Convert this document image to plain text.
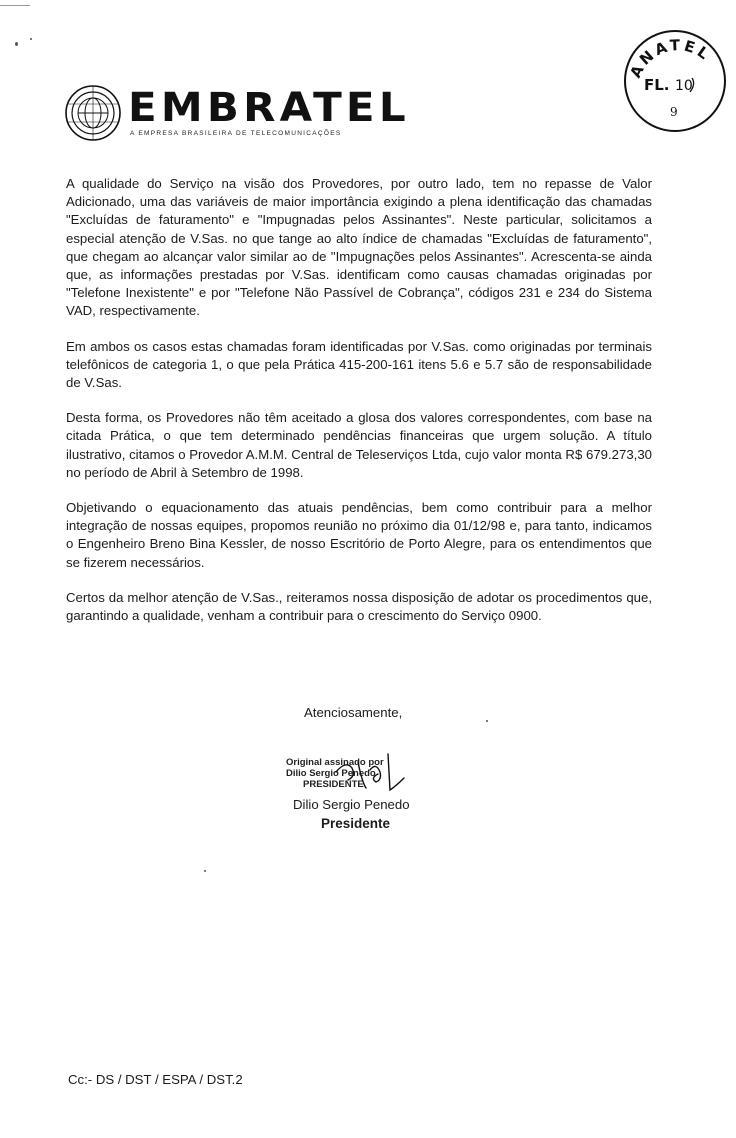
EMBRATEL
A EMPRESA BRASILEIRA DE TELECOMUNICAÇÕES
ANATEL
FL. 10
9

A qualidade do Serviço na visão dos Provedores, por outro lado, tem no repasse de Valor Adicionado, uma das variáveis de maior importância exigindo a plena identificação das chamadas "Excluídas de faturamento" e "Impugnadas pelos Assinantes". Neste particular, solicitamos a especial atenção de V.Sas. no que tange ao alto índice de chamadas "Excluídas de faturamento", que chegam ao alcançar valor similar ao de "Impugnações pelos Assinantes". Acrescenta-se ainda que, as informações prestadas por V.Sas. identificam como causas chamadas originadas por "Telefone Inexistente" e por "Telefone Não Passível de Cobrança", códigos 231 e 234 do Sistema VAD, respectivamente.

Em ambos os casos estas chamadas foram identificadas por V.Sas. como originadas por terminais telefônicos de categoria 1, o que pela Prática 415-200-161 itens 5.6 e 5.7 são de responsabilidade de V.Sas.

Desta forma, os Provedores não têm aceitado a glosa dos valores correspondentes, com base na citada Prática, o que tem determinado pendências financeiras que urgem solução. A título ilustrativo, citamos o Provedor A.M.M. Central de Teleserviços Ltda, cujo valor monta R$ 679.273,30 no período de Abril à Setembro de 1998.

Objetivando o equacionamento das atuais pendências, bem como contribuir para a melhor integração de nossas equipes, propomos reunião no próximo dia 01/12/98 e, para tanto, indicamos o Engenheiro Breno Bina Kessler, de nosso Escritório de Porto Alegre, para os entendimentos que se fizerem necessários.

Certos da melhor atenção de V.Sas., reiteramos nossa disposição de adotar os procedimentos que, garantindo a qualidade, venham a contribuir para o crescimento do Serviço 0900.

Atenciosamente,
Original assinado por
Dilio Sergio Penedo
PRESIDENTE
Dilio Sergio Penedo
Presidente
Cc:- DS / DST / ESPA / DST.2
